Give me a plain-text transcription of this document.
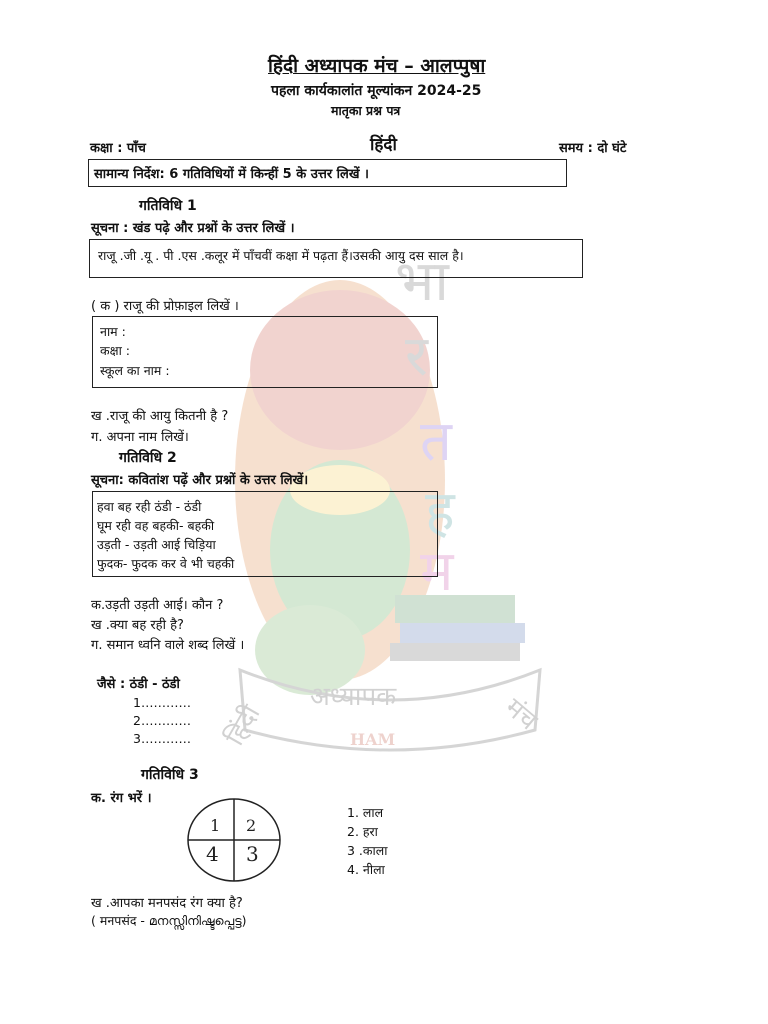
भा
र
त
ह
म
अध्यापक
HAM
हिंदी	मंच
हिंदी अध्यापक मंच – आलप्पुषा
पहला कार्यकालांत मूल्यांकन 2024-25
मातृका प्रश्न पत्र
कक्षा : पाँच	हिंदी	समय : दो घंटे
सामान्य निर्देश: 6 गतिविधियों में किन्हीं 5 के उत्तर लिखें ।
गतिविधि 1
सूचना : खंड पढ़े और प्रश्नों के उत्तर लिखें ।
राजू .जी .यू . पी .एस .कलूर में पाँचवीं कक्षा में पढ़ता हैं।उसकी आयु दस साल है।
( क ) राजू की प्रोफ़ाइल लिखें ।
नाम :
कक्षा :
स्कूल का नाम :
ख .राजू की आयु कितनी है ?
ग. अपना नाम लिखें।
गतिविधि 2
सूचना: कवितांश पढ़ें और प्रश्नों के उत्तर लिखें।
हवा बह रही ठंडी - ठंडी
घूम रही वह बहकी- बहकी
उड़ती - उड़ती आई चिड़िया
फुदक- फुदक कर वे भी चहकी
क.उड़ती उड़ती आई। कौन ?
ख .क्या बह रही है?
ग. समान ध्वनि वाले शब्द लिखें ।
जैसे : ठंडी - ठंडी
1…………
2…………
3…………
गतिविधि 3
क. रंग भरें ।
1 2
4 3
1. लाल
2. हरा
3 .काला
4. नीला
ख .आपका मनपसंद रंग क्या है?
( मनपसंद - മനസ്സിനിഷ്ടപ്പെട്ട)
